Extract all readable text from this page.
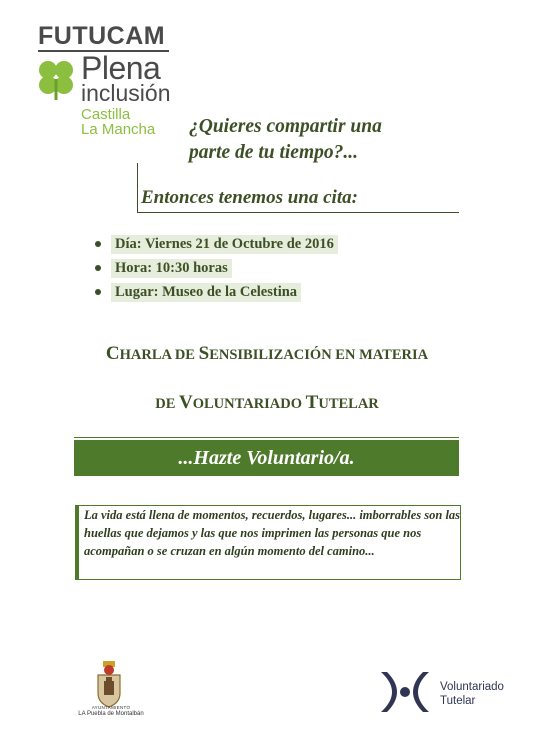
FUTUCAM
Plena
inclusión
Castilla
La Mancha ¿Quieres compartir una
parte de tu tiempo?...
Entonces tenemos una cita:
Día: Viernes 21 de Octubre de 2016
Hora: 10:30 horas
Lugar: Museo de la Celestina
CHARLA DE SENSIBILIZACIÓN EN MATERIA
DE VOLUNTARIADO TUTELAR
...Hazte Voluntario/a.
La vida está llena de momentos, recuerdos, lugares... imborrables son las huellas que dejamos y las que nos imprimen las personas que nos acompañan o se cruzan en algún momento del camino...
AYUNTAMIENTO
LA Puebla de Montalbán
Voluntariado
Tutelar
